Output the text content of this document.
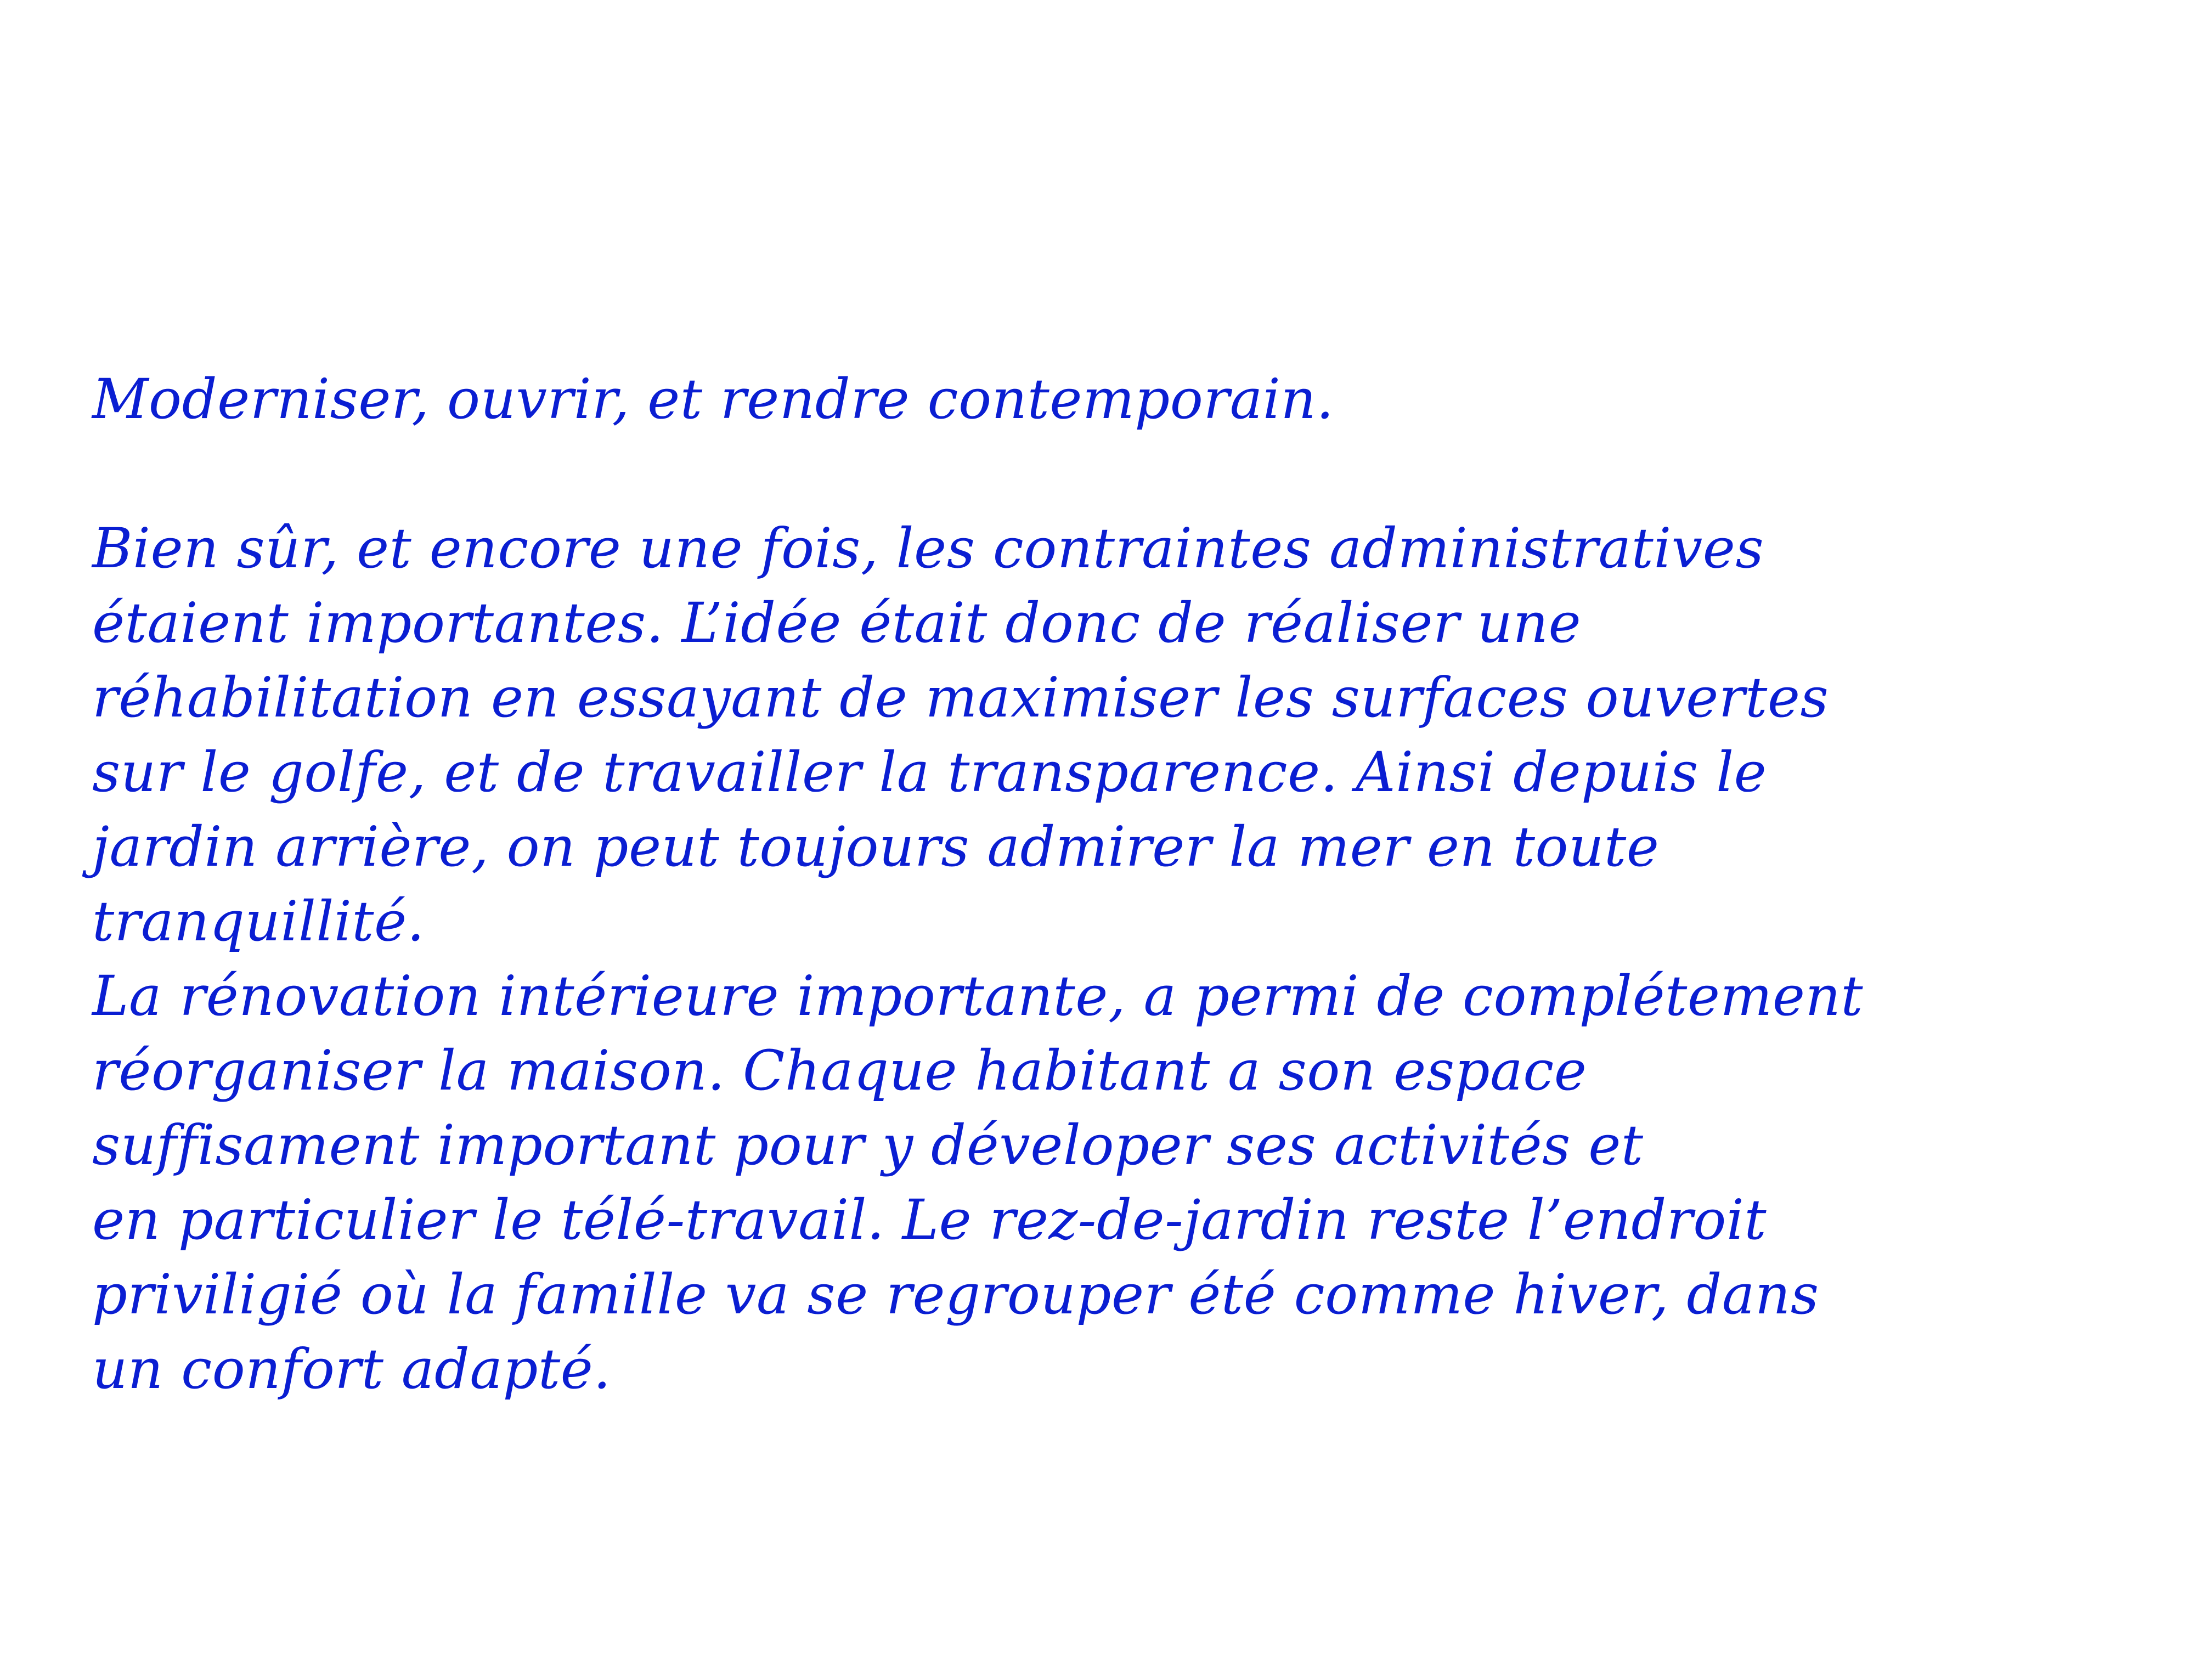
Moderniser, ouvrir, et rendre contemporain.
Bien sûr, et encore une fois, les contraintes administratives
étaient importantes. L’idée était donc de réaliser une
réhabilitation en essayant de maximiser les surfaces ouvertes
sur le golfe, et de travailler la transparence. Ainsi depuis le
jardin arrière, on peut toujours admirer la mer en toute
tranquillité.
La rénovation intérieure importante, a permi de complétement
réorganiser la maison. Chaque habitant a son espace
suffisament important pour y déveloper ses activités et
en particulier le télé-travail. Le rez-de-jardin reste l’endroit
priviligié où la famille va se regrouper été comme hiver, dans
un confort adapté.
